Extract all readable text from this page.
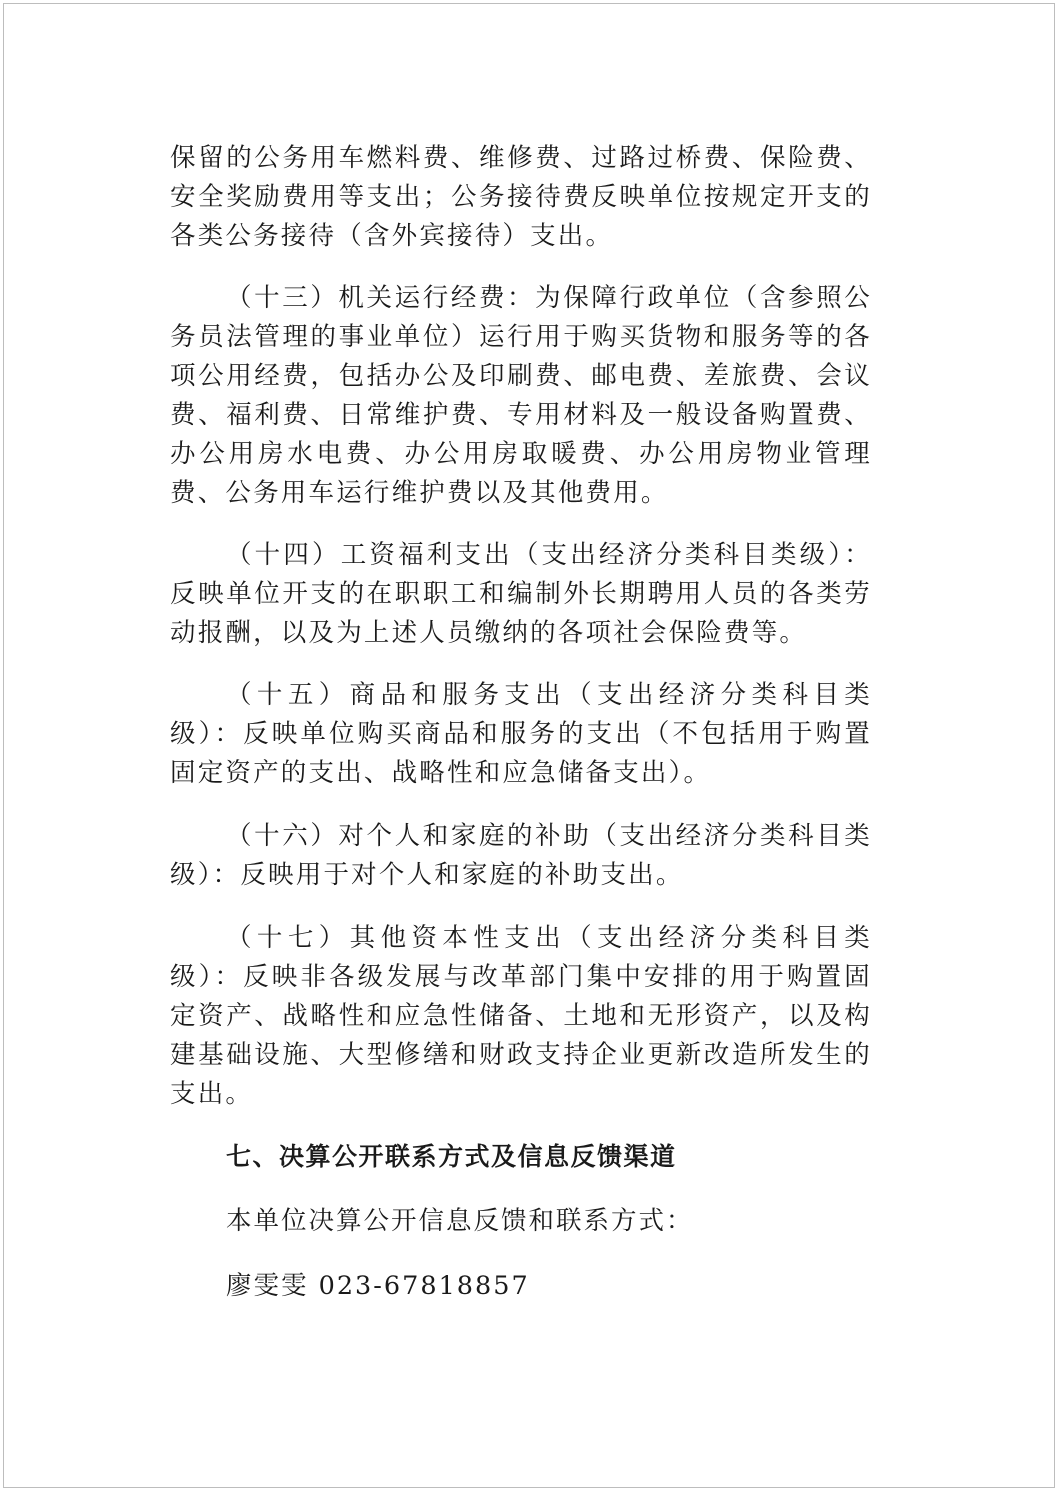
保留的公务用车燃料费、维修费、过路过桥费、保险费、安全奖励费用等支出；公务接待费反映单位按规定开支的各类公务接待（含外宾接待）支出。

（十三）机关运行经费：为保障行政单位（含参照公务员法管理的事业单位）运行用于购买货物和服务等的各项公用经费，包括办公及印刷费、邮电费、差旅费、会议费、福利费、日常维护费、专用材料及一般设备购置费、办公用房水电费、办公用房取暖费、办公用房物业管理费、公务用车运行维护费以及其他费用。

（十四）工资福利支出（支出经济分类科目类级）：反映单位开支的在职职工和编制外长期聘用人员的各类劳动报酬，以及为上述人员缴纳的各项社会保险费等。

（十五）商品和服务支出（支出经济分类科目类级）：反映单位购买商品和服务的支出（不包括用于购置固定资产的支出、战略性和应急储备支出）。

（十六）对个人和家庭的补助（支出经济分类科目类级）：反映用于对个人和家庭的补助支出。

（十七）其他资本性支出（支出经济分类科目类级）：反映非各级发展与改革部门集中安排的用于购置固定资产、战略性和应急性储备、土地和无形资产，以及构建基础设施、大型修缮和财政支持企业更新改造所发生的支出。

七、决算公开联系方式及信息反馈渠道

本单位决算公开信息反馈和联系方式：

廖雯雯 023-67818857
